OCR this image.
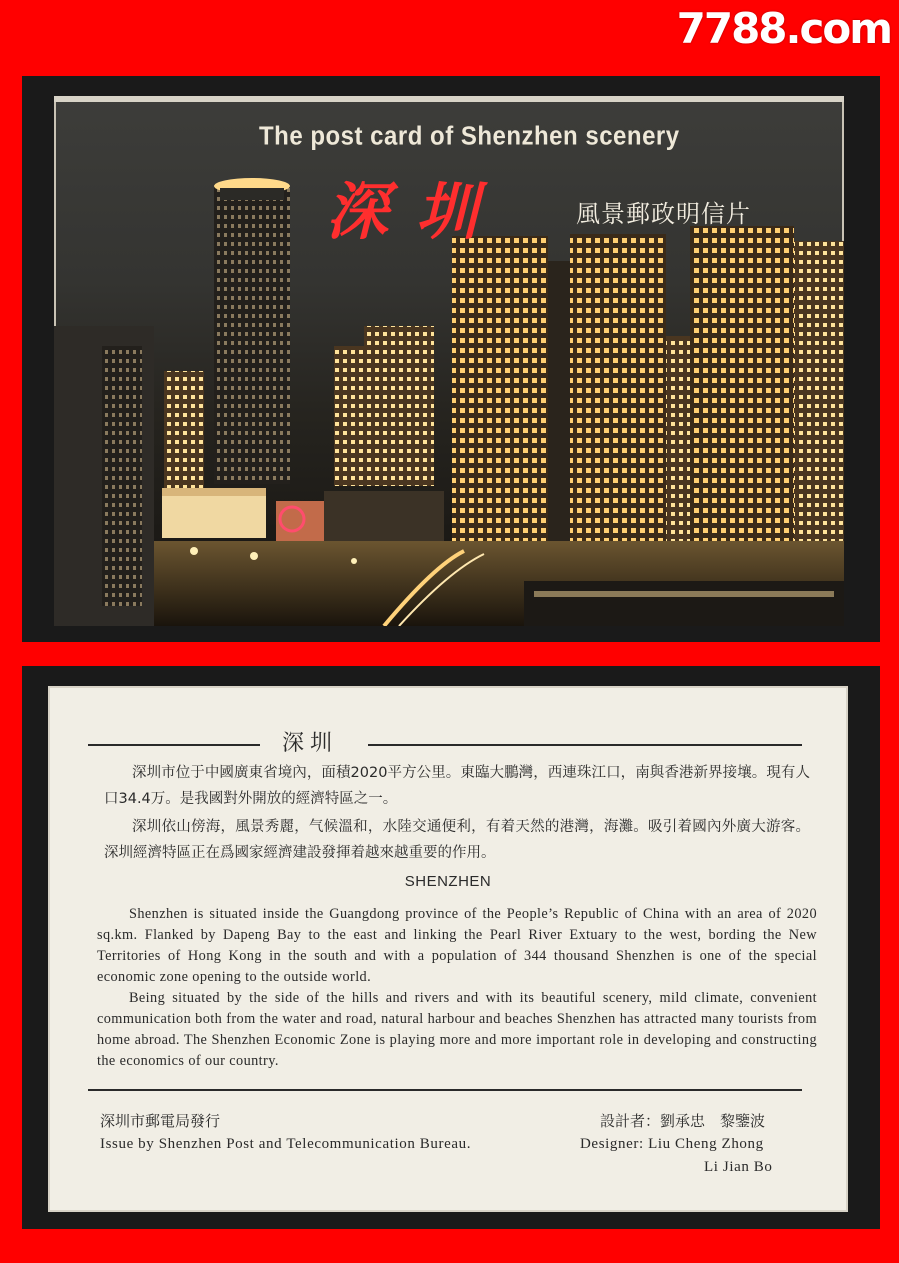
7788.com
The post card of Shenzhen scenery
深圳	風景郵政明信片
深圳
深圳市位于中國廣東省境內，面積2020平方公里。東臨大鵬灣，西連珠江口，南與香港新界接壤。現有人口34.4万。是我國對外開放的經濟特區之一。
深圳依山傍海，風景秀麗，气候溫和，水陸交通便利，有着天然的港灣，海灘。吸引着國內外廣大游客。深圳經濟特區正在爲國家經濟建設發揮着越來越重要的作用。
SHENZHEN
Shenzhen is situated inside the Guangdong province of the People’s Republic of China with an area of 2020 sq.km. Flanked by Dapeng Bay to the east and linking the Pearl River Extuary to the west, bording the New Territories of Hong Kong in the south and with a population of 344 thousand Shenzhen is one of the special economic zone opening to the outside world.
Being situated by the side of the hills and rivers and with its beautiful scenery, mild climate, convenient communication both from the water and road, natural harbour and beaches Shenzhen has attracted many tourists from home abroad. The Shenzhen Economic Zone is playing more and more important role in developing and constructing the economics of our country.
深圳市郵電局發行
Issue by Shenzhen Post and Telecommunication Bureau.
設計者：劉承忠　黎鑒波
Designer: Liu Cheng Zhong
Li Jian Bo
